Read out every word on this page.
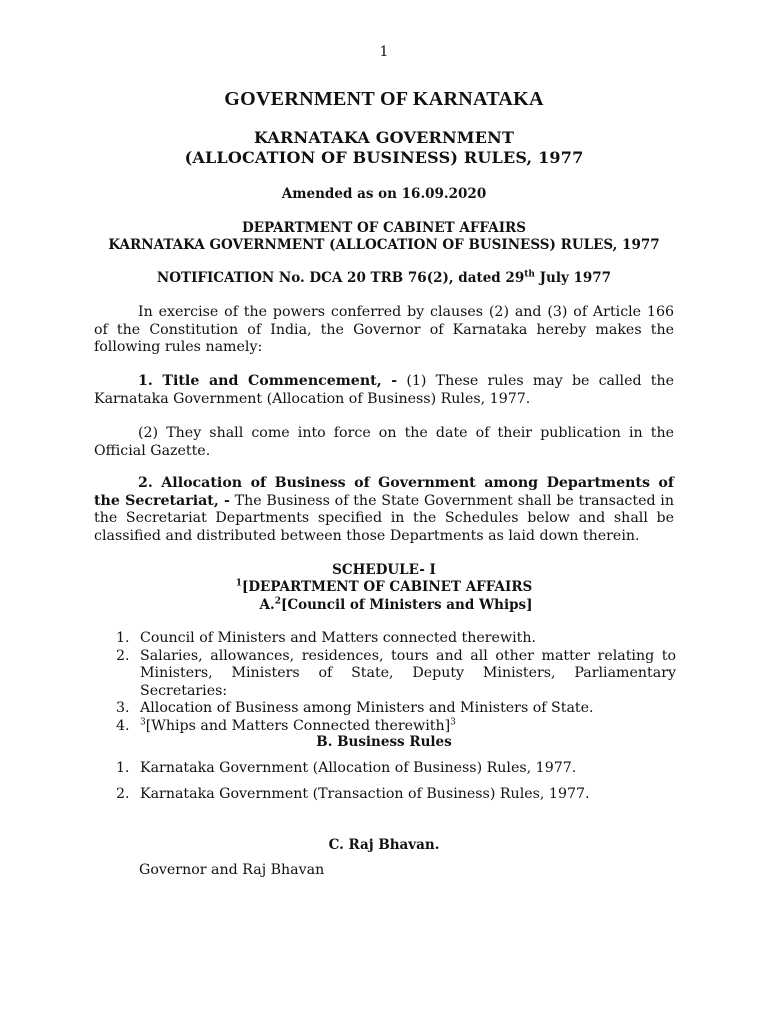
1
GOVERNMENT OF KARNATAKA
KARNATAKA GOVERNMENT
(ALLOCATION OF BUSINESS) RULES, 1977
Amended as on 16.09.2020
DEPARTMENT OF CABINET AFFAIRS
KARNATAKA GOVERNMENT (ALLOCATION OF BUSINESS) RULES, 1977
NOTIFICATION No. DCA 20 TRB 76(2), dated 29th July 1977
In exercise of the powers conferred by clauses (2) and (3) of Article 166 of the Constitution of India, the Governor of Karnataka hereby makes the following rules namely:
1. Title and Commencement, - (1) These rules may be called the Karnataka Government (Allocation of Business) Rules, 1977.
(2) They shall come into force on the date of their publication in the Official Gazette.
2. Allocation of Business of Government among Departments of the Secretariat, - The Business of the State Government shall be transacted in the Secretariat Departments specified in the Schedules below and shall be classified and distributed between those Departments as laid down therein.
SCHEDULE- I
$^1$[DEPARTMENT OF CABINET AFFAIRS
A.$^2$[Council of Ministers and Whips]
1. Council of Ministers and Matters connected therewith.
2. Salaries, allowances, residences, tours and all other matter relating to Ministers, Ministers of State, Deputy Ministers, Parliamentary Secretaries:
3. Allocation of Business among Ministers and Ministers of State.
4. $^3$[Whips and Matters Connected therewith]$^3$
B. Business Rules
1. Karnataka Government (Allocation of Business) Rules, 1977.
2. Karnataka Government (Transaction of Business) Rules, 1977.
C. Raj Bhavan.
Governor and Raj Bhavan
